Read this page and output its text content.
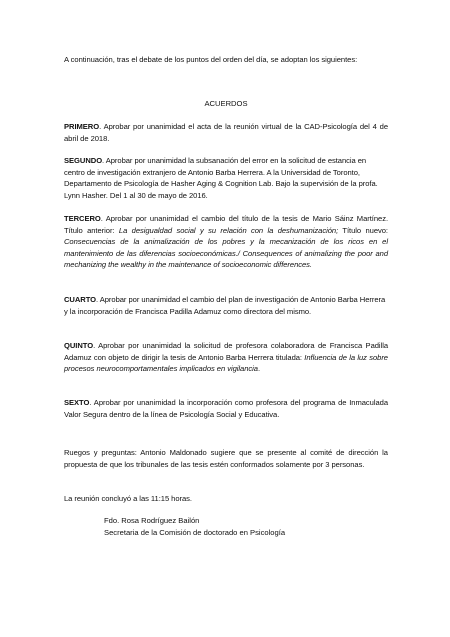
A continuación, tras el debate de los puntos del orden del día, se adoptan los siguientes:

ACUERDOS

PRIMERO. Aprobar por unanimidad el acta de la reunión virtual de la CAD-Psicología del 4 de abril de 2018.

SEGUNDO. Aprobar por unanimidad la subsanación del error en la solicitud de estancia en centro de investigación extranjero de Antonio Barba Herrera. A la Universidad de Toronto, Departamento de Psicología de Hasher Aging & Cognition Lab. Bajo la supervisión de la profa. Lynn Hasher. Del 1 al 30 de mayo de 2016.

TERCERO. Aprobar por unanimidad el cambio del título de la tesis de Mario Sáinz Martínez. Título anterior: La desigualdad social y su relación con la deshumanización; Título nuevo: Consecuencias de la animalización de los pobres y la mecanización de los ricos en el mantenimiento de las diferencias socioeconómicas./ Consequences of animalizing the poor and mechanizing the wealthy in the maintenance of socioeconomic differences.

CUARTO. Aprobar por unanimidad el cambio del plan de investigación de Antonio Barba Herrera y la incorporación de Francisca Padilla Adamuz como directora del mismo.

QUINTO. Aprobar por unanimidad la solicitud de profesora colaboradora de Francisca Padilla Adamuz con objeto de dirigir la tesis de Antonio Barba Herrera titulada: Influencia de la luz sobre procesos neurocomportamentales implicados en vigilancia.

SEXTO. Aprobar por unanimidad la incorporación como profesora del programa de Inmaculada Valor Segura dentro de la línea de Psicología Social y Educativa.

Ruegos y preguntas: Antonio Maldonado sugiere que se presente al comité de dirección la propuesta de que los tribunales de las tesis estén conformados solamente por 3 personas.

La reunión concluyó a las 11:15 horas.

Fdo. Rosa Rodríguez Bailón

Secretaria de la Comisión de doctorado en Psicología
